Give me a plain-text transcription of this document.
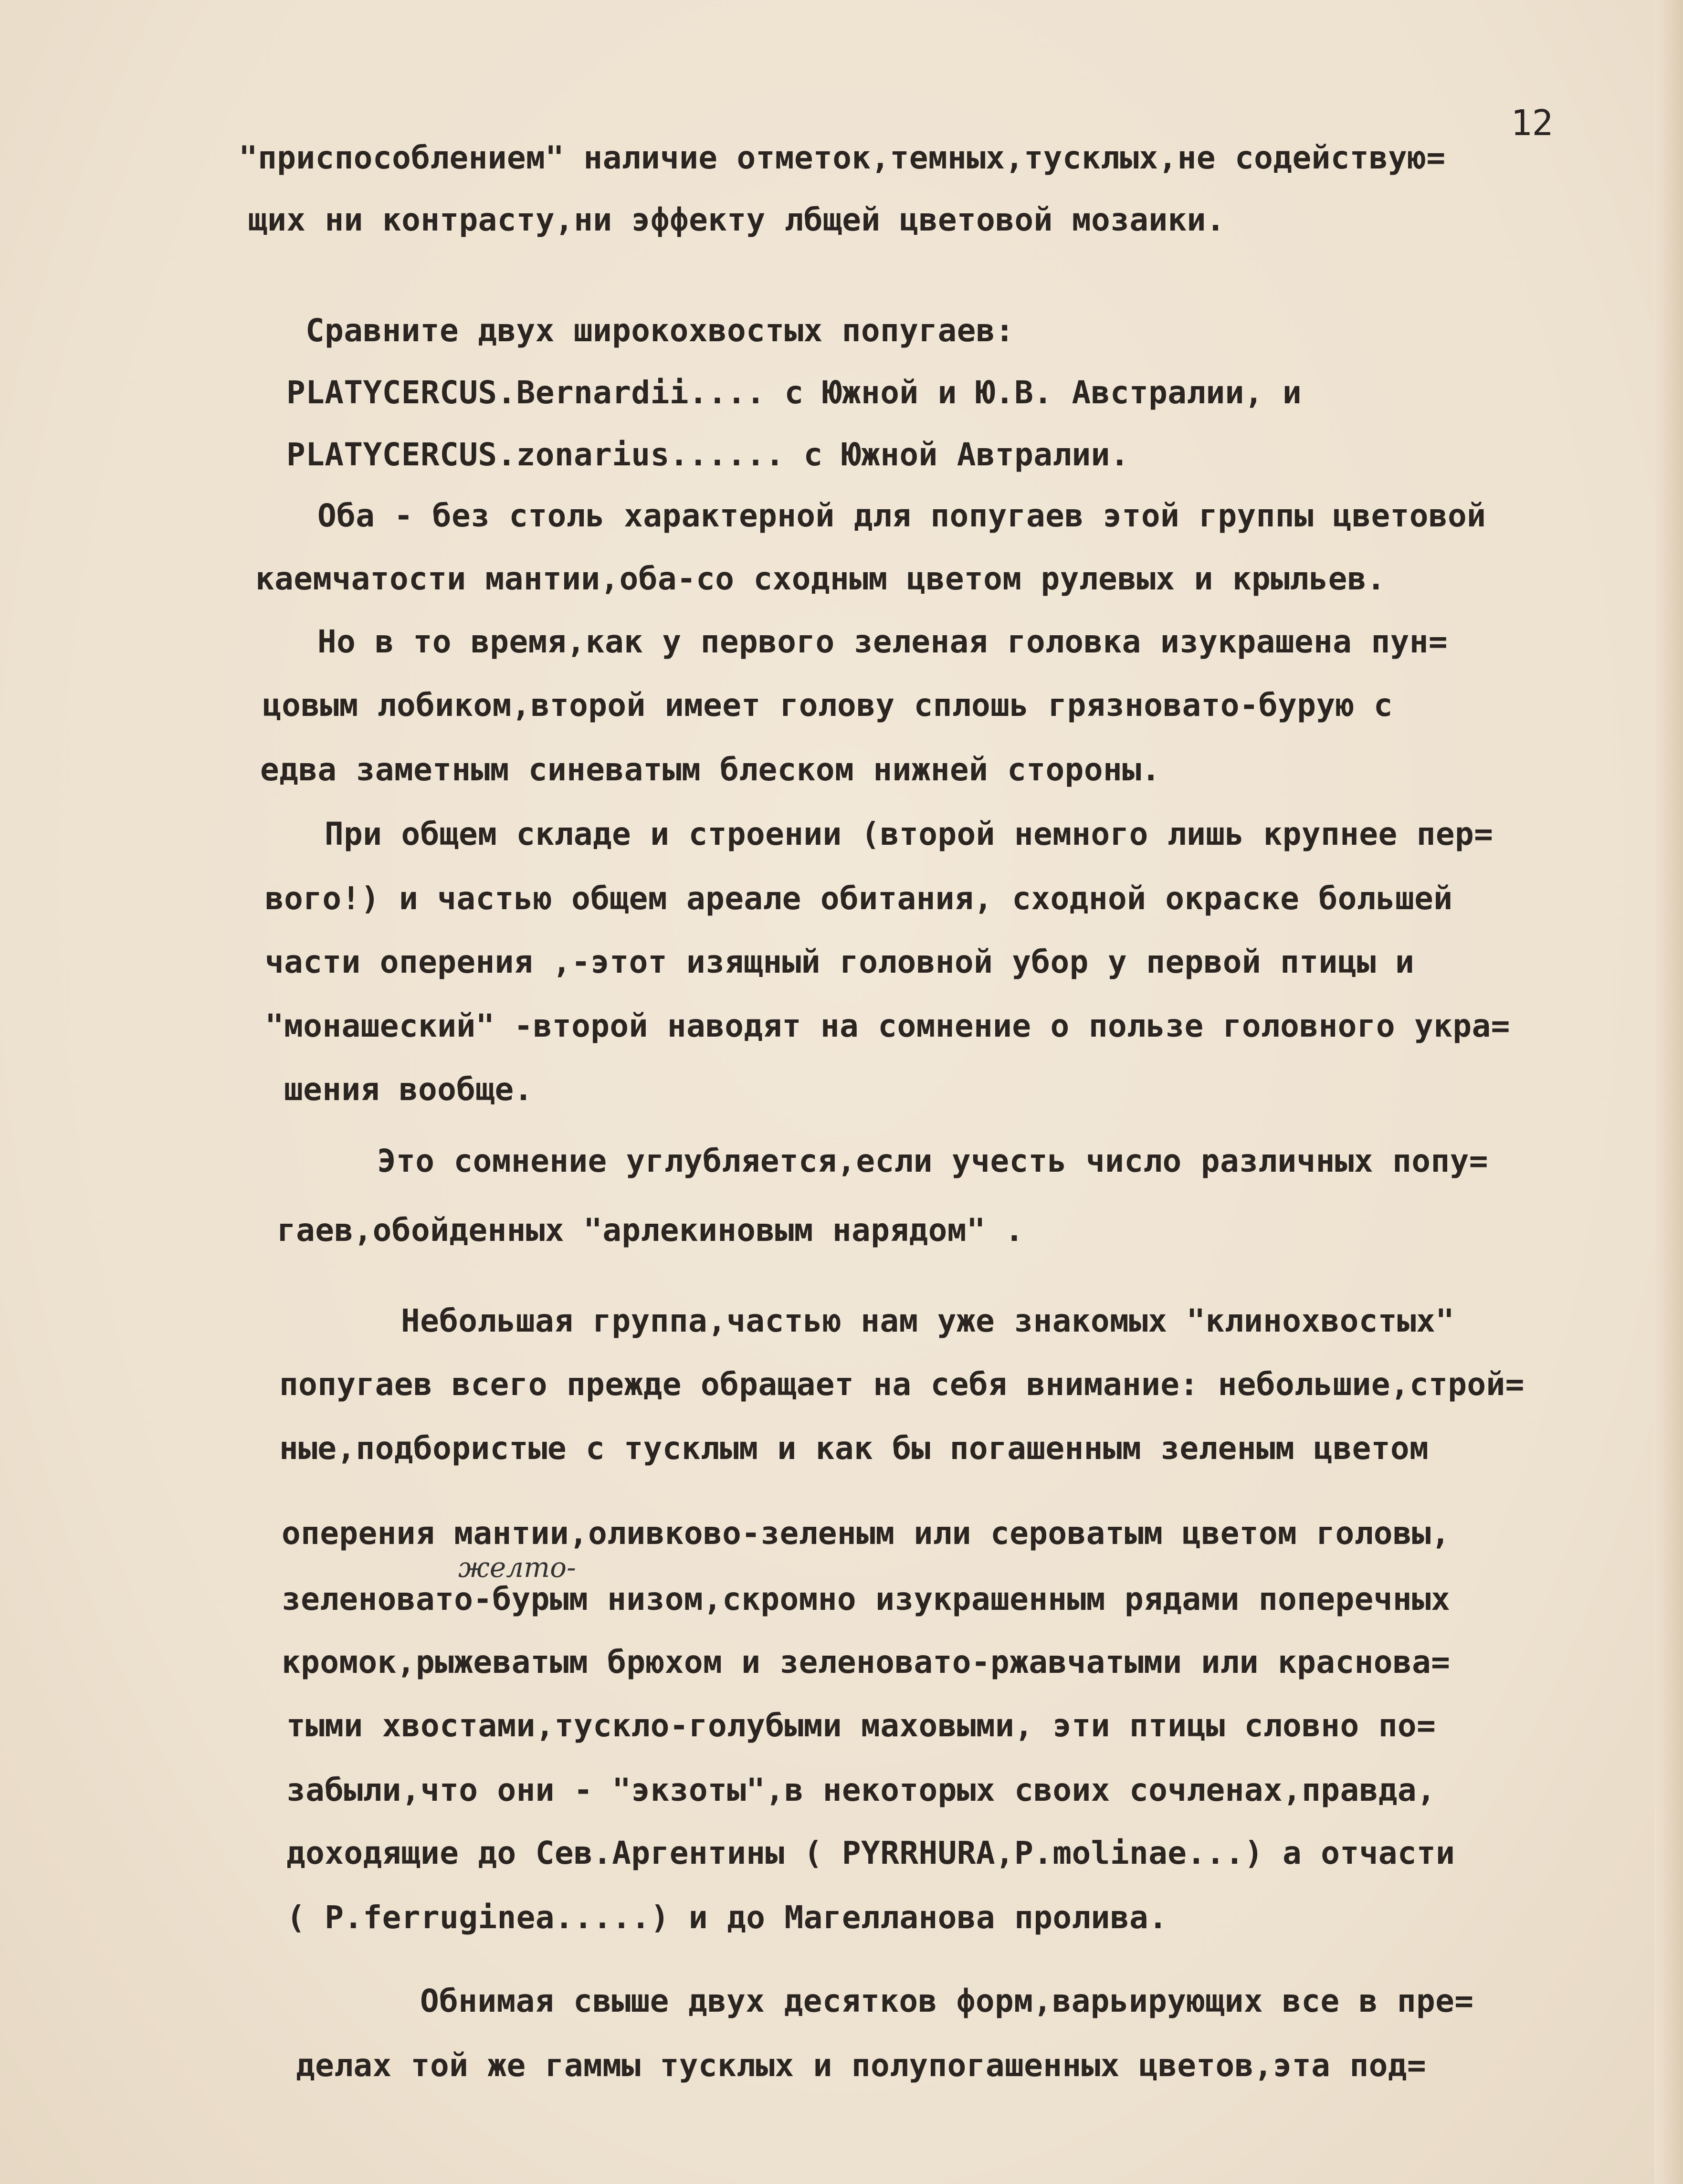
12

"приспособлением" наличие отметок,темных,тусклых,не содействую=

щих ни контрасту,ни эффекту лбщей цветовой мозаики.

Сравните двух широкохвостых попугаев:

PLATYCERCUS.Bernardii.... с Южной и Ю.В. Австралии, и

PLATYCERCUS.zonarius...... с Южной Автралии.

Оба - без столь характерной для попугаев этой группы цветовой

каемчатости мантии,оба-со сходным цветом рулевых и крыльев.

Но в то время,как у первого зеленая головка изукрашена пун=

цовым лобиком,второй имеет голову сплошь грязновато-бурую с

едва заметным синеватым блеском нижней стороны.

При общем складе и строении (второй немного лишь крупнее пер=

вого!) и частью общем ареале обитания, сходной окраске большей

части оперения ,-этот изящный головной убор у первой птицы и

"монашеский" -второй наводят на сомнение о пользе головного укра=

шения вообще.

Это сомнение углубляется,если учесть число различных попу=

гаев,обойденных "арлекиновым нарядом" .

Небольшая группа,частью нам уже знакомых "клинохвостых"

попугаев всего прежде обращает на себя внимание: небольшие,стрoй=

ные,подбористые с тусклым и как бы погашенным зеленым цветом

оперения мантии,оливково-зеленым или сероватым цветом головы,

желто-

зеленовато-бурым низом,скромно изукрашенным рядами поперечных

кромок,рыжеватым брюхом и зеленовато-ржавчатыми или краснова=

тыми хвостами,тускло-голубыми маховыми, эти птицы словно по=

забыли,что они - "экзоты",в некоторых своих сочленах,правда,

доходящие до Сев.Аргентины ( PYRRHURA,P.molinae...) а отчасти

( P.ferruginea.....) и до Магелланова пролива.

Обнимая свыше двух десятков форм,варьирующих все в пре=

делах той же гаммы тусклых и полупогашенных цветов,эта под=
